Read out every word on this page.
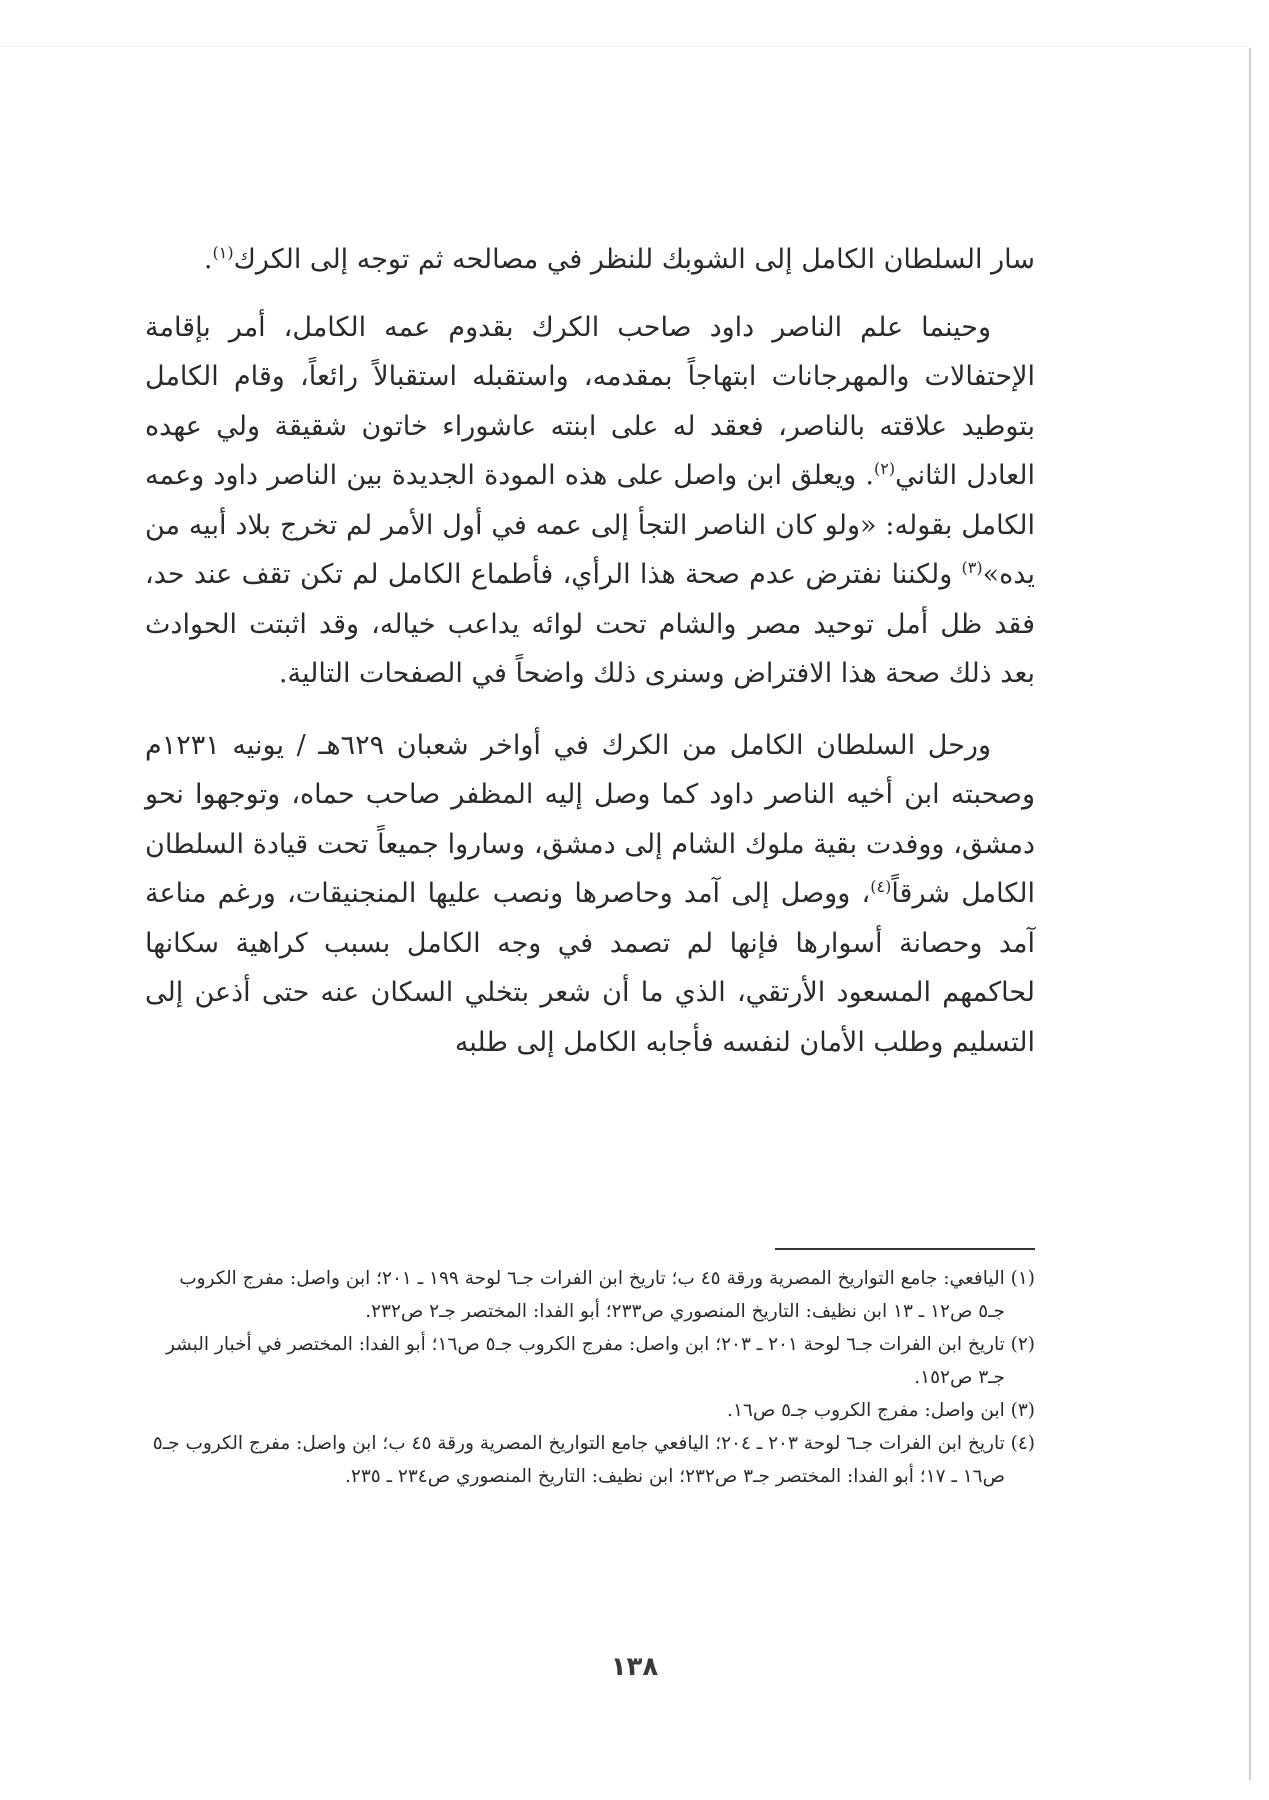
سار السلطان الكامل إلى الشوبك للنظر في مصالحه ثم توجه إلى الكرك$^{(١)}$.

وحينما علم الناصر داود صاحب الكرك بقدوم عمه الكامل، أمر بإقامة الإحتفالات والمهرجانات ابتهاجاً بمقدمه، واستقبله استقبالاً رائعاً، وقام الكامل بتوطيد علاقته بالناصر، فعقد له على ابنته عاشوراء خاتون شقيقة ولي عهده العادل الثاني$^{(٢)}$. ويعلق ابن واصل على هذه المودة الجديدة بين الناصر داود وعمه الكامل بقوله: «ولو كان الناصر التجأ إلى عمه في أول الأمر لم تخرج بلاد أبيه من يده»$^{(٣)}$ ولكننا نفترض عدم صحة هذا الرأي، فأطماع الكامل لم تكن تقف عند حد، فقد ظل أمل توحيد مصر والشام تحت لوائه يداعب خياله، وقد اثبتت الحوادث بعد ذلك صحة هذا الافتراض وسنرى ذلك واضحاً في الصفحات التالية.

ورحل السلطان الكامل من الكرك في أواخر شعبان ٦٢٩هـ / يونيه ١٢٣١م وصحبته ابن أخيه الناصر داود كما وصل إليه المظفر صاحب حماه، وتوجهوا نحو دمشق، ووفدت بقية ملوك الشام إلى دمشق، وساروا جميعاً تحت قيادة السلطان الكامل شرقاً$^{(٤)}$، ووصل إلى آمد وحاصرها ونصب عليها المنجنيقات، ورغم مناعة آمد وحصانة أسوارها فإنها لم تصمد في وجه الكامل بسبب كراهية سكانها لحاكمهم المسعود الأرتقي، الذي ما أن شعر بتخلي السكان عنه حتى أذعن إلى التسليم وطلب الأمان لنفسه فأجابه الكامل إلى طلبه

(١) اليافعي: جامع التواريخ المصرية ورقة ٤٥ ب؛ تاريخ ابن الفرات جـ٦ لوحة ١٩٩ ـ ٢٠١؛ ابن واصل: مفرج الكروب جـ٥ ص١٢ ـ ١٣ ابن نظيف: التاريخ المنصوري ص٢٣٣؛ أبو الفدا: المختصر جـ٢ ص٢٣٢.

(٢) تاريخ ابن الفرات جـ٦ لوحة ٢٠١ ـ ٢٠٣؛ ابن واصل: مفرج الكروب جـ٥ ص١٦؛ أبو الفدا: المختصر في أخبار البشر جـ٣ ص١٥٢.

(٣) ابن واصل: مفرج الكروب جـ٥ ص١٦.

(٤) تاريخ ابن الفرات جـ٦ لوحة ٢٠٣ ـ ٢٠٤؛ اليافعي جامع التواريخ المصرية ورقة ٤٥ ب؛ ابن واصل: مفرج الكروب جـ٥ ص١٦ ـ ١٧؛ أبو الفدا: المختصر جـ٣ ص٢٣٢؛ ابن نظيف: التاريخ المنصوري ص٢٣٤ ـ ٢٣٥.

١٣٨
